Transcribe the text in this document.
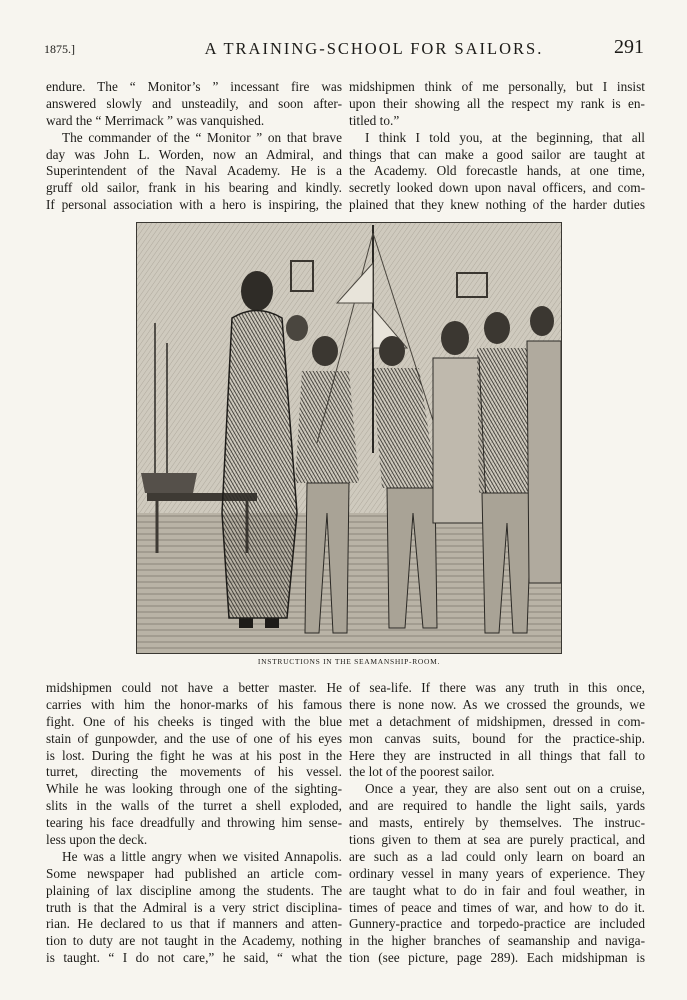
1875.]	A TRAINING-SCHOOL FOR SAILORS.	291

endure. The “ Monitor’s ” incessant fire was

answered slowly and unsteadily, and soon after-

ward the “ Merrimack ” was vanquished.

The commander of the “ Monitor ” on that brave

day was John L. Worden, now an Admiral, and

Superintendent of the Naval Academy. He is a

gruff old sailor, frank in his bearing and kindly.

If personal association with a hero is inspiring, the

midshipmen think of me personally, but I insist

upon their showing all the respect my rank is en-

titled to.”

I think I told you, at the beginning, that all

things that can make a good sailor are taught at

the Academy. Old forecastle hands, at one time,

secretly looked down upon naval officers, and com-

plained that they knew nothing of the harder duties

INSTRUCTIONS IN THE SEAMANSHIP-ROOM.

midshipmen could not have a better master. He

carries with him the honor-marks of his famous

fight. One of his cheeks is tinged with the blue

stain of gunpowder, and the use of one of his eyes

is lost. During the fight he was at his post in the

turret, directing the movements of his vessel.

While he was looking through one of the sighting-

slits in the walls of the turret a shell exploded,

tearing his face dreadfully and throwing him sense-

less upon the deck.

He was a little angry when we visited Annapolis.

Some newspaper had published an article com-

plaining of lax discipline among the students. The

truth is that the Admiral is a very strict disciplina-

rian. He declared to us that if manners and atten-

tion to duty are not taught in the Academy, nothing

is taught. “ I do not care,” he said, “ what the

of sea-life. If there was any truth in this once,

there is none now. As we crossed the grounds, we

met a detachment of midshipmen, dressed in com-

mon canvas suits, bound for the practice-ship.

Here they are instructed in all things that fall to

the lot of the poorest sailor.

Once a year, they are also sent out on a cruise,

and are required to handle the light sails, yards

and masts, entirely by themselves. The instruc-

tions given to them at sea are purely practical, and

are such as a lad could only learn on board an

ordinary vessel in many years of experience. They

are taught what to do in fair and foul weather, in

times of peace and times of war, and how to do it.

Gunnery-practice and torpedo-practice are included

in the higher branches of seamanship and naviga-

tion (see picture, page 289). Each midshipman is
